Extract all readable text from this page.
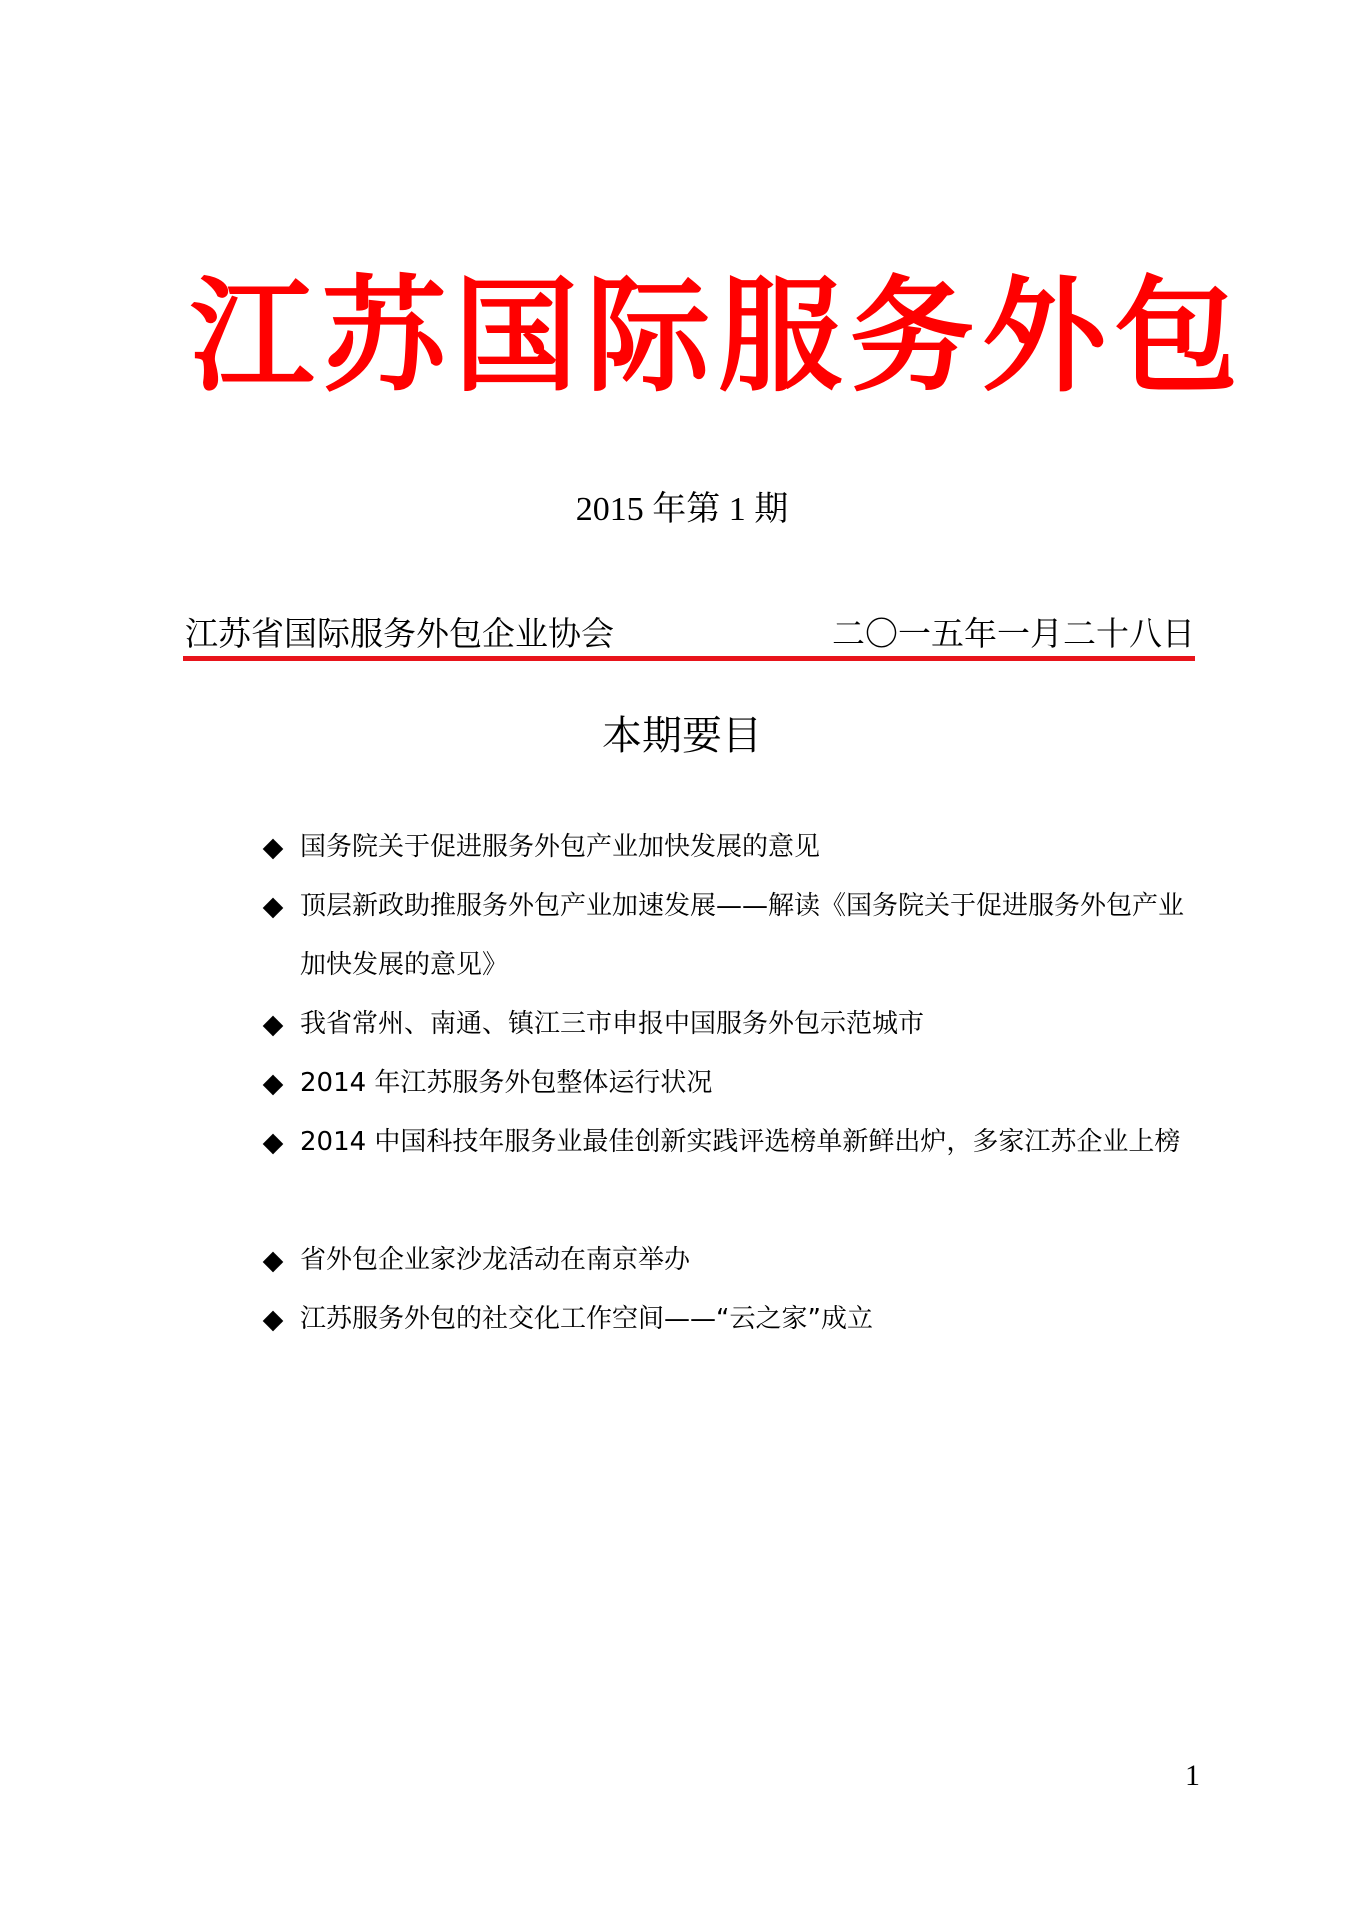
江苏国际服务外包
2015 年第 1 期
江苏省国际服务外包企业协会	二〇一五年一月二十八日
本期要目
◆ 国务院关于促进服务外包产业加快发展的意见
◆ 顶层新政助推服务外包产业加速发展——解读《国务院关于促进服务外包产业加快发展的意见》
◆ 我省常州、南通、镇江三市申报中国服务外包示范城市
◆ 2014 年江苏服务外包整体运行状况
◆ 2014 中国科技年服务业最佳创新实践评选榜单新鲜出炉，多家江苏企业上榜
◆ 省外包企业家沙龙活动在南京举办
◆ 江苏服务外包的社交化工作空间——“云之家”成立
1
